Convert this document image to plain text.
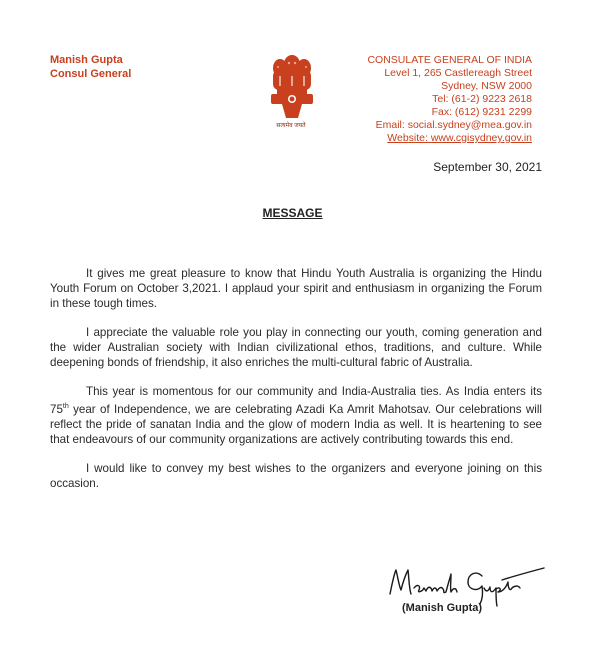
Manish Gupta
Consul General
सत्यमेव जयते
CONSULATE GENERAL OF INDIA
Level 1, 265 Castlereagh Street
Sydney, NSW 2000
Tel: (61-2) 9223 2618
Fax: (612) 9231 2299
Email: social.sydney@mea.gov.in
Website: www.cgisydney.gov.in
September 30, 2021
MESSAGE

It gives me great pleasure to know that Hindu Youth Australia is organizing the Hindu Youth Forum on October 3,2021. I applaud your spirit and enthusiasm in organizing the Forum in these tough times.

I appreciate the valuable role you play in connecting our youth, coming generation and the wider Australian society with Indian civilizational ethos, traditions, and culture. While deepening bonds of friendship, it also enriches the multi-cultural fabric of Australia.

This year is momentous for our community and India-Australia ties. As India enters its 75th year of Independence, we are celebrating Azadi Ka Amrit Mahotsav. Our celebrations will reflect the pride of sanatan India and the glow of modern India as well. It is heartening to see that endeavours of our community organizations are actively contributing towards this end.

I would like to convey my best wishes to the organizers and everyone joining on this occasion.

(Manish Gupta)
